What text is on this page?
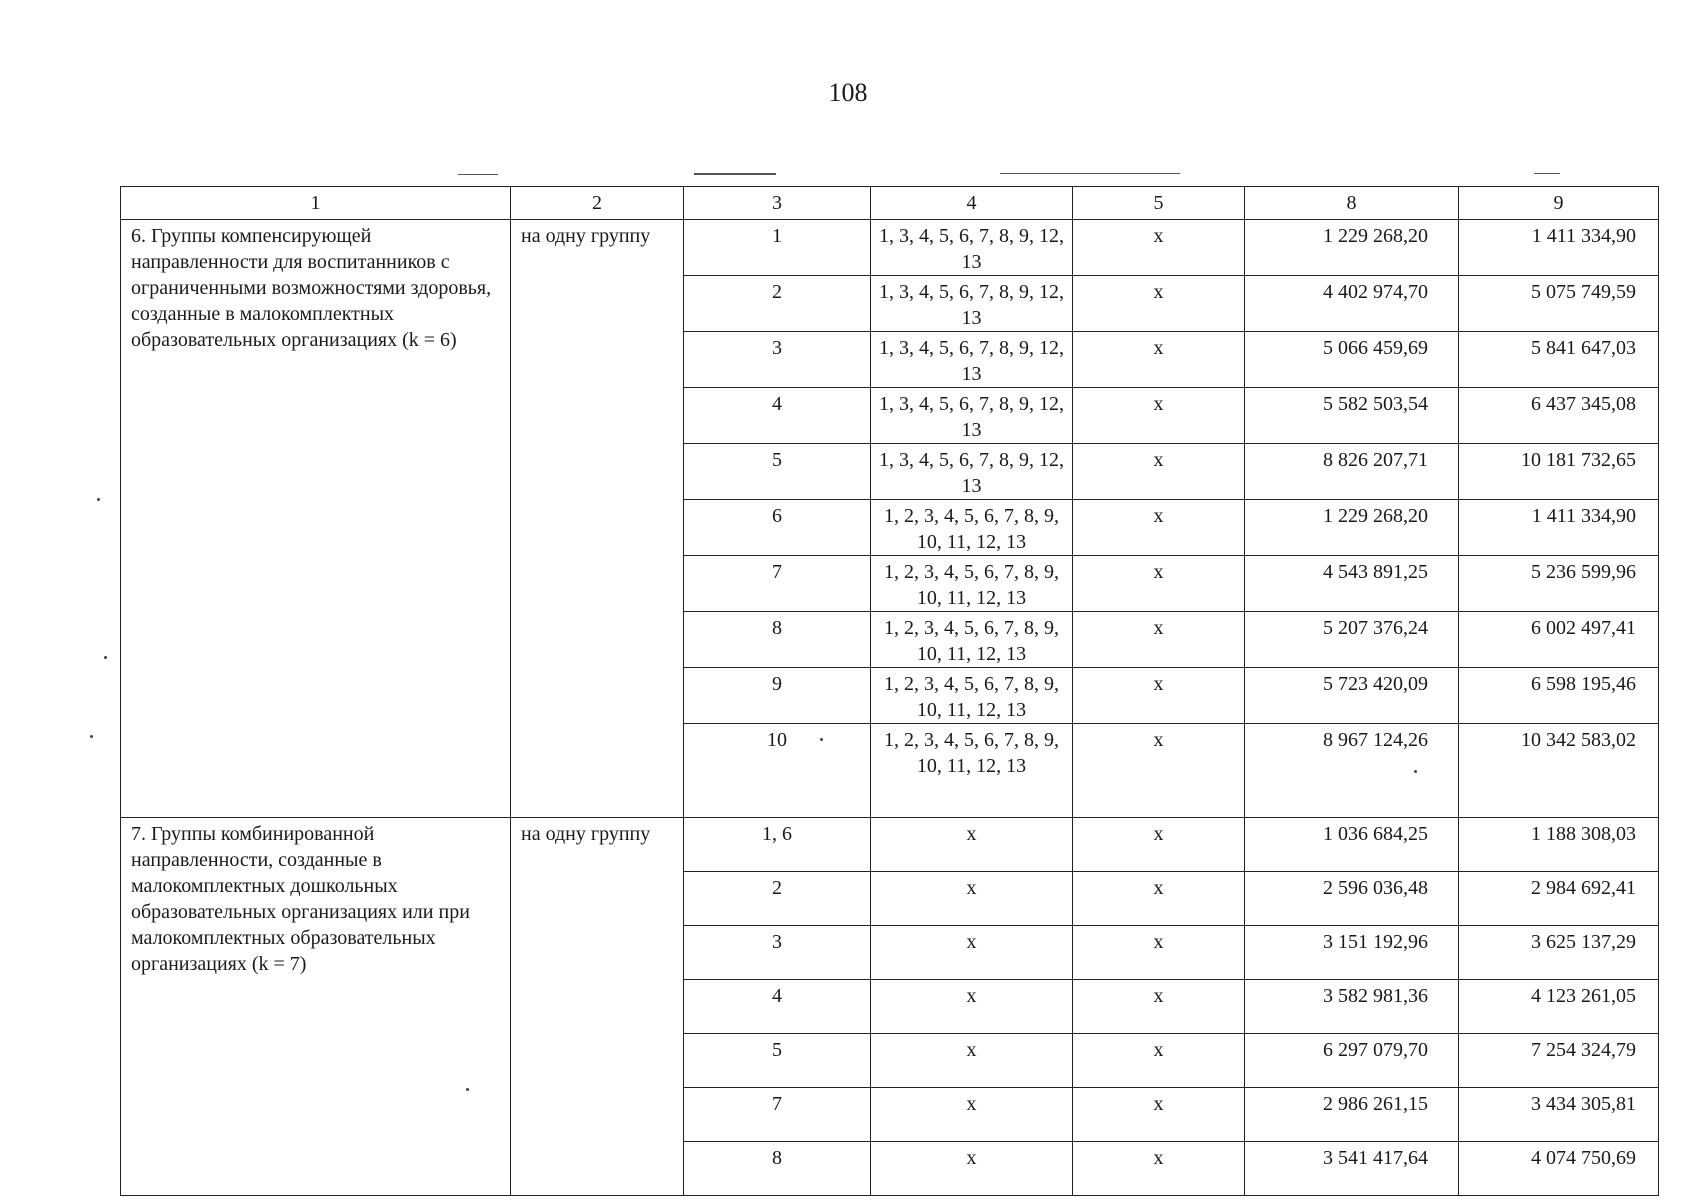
108
1	2	3	4	5	8	9
6. Группы компенсирующей направленности для воспитанников с ограниченными возможностями здоровья, созданные в малокомплектных образовательных организациях (k = 6)	на одну группу	1	1, 3, 4, 5, 6, 7, 8, 9, 12, 13	x	1 229 268,20	1 411 334,90
		2	1, 3, 4, 5, 6, 7, 8, 9, 12, 13	x	4 402 974,70	5 075 749,59
		3	1, 3, 4, 5, 6, 7, 8, 9, 12, 13	x	5 066 459,69	5 841 647,03
		4	1, 3, 4, 5, 6, 7, 8, 9, 12, 13	x	5 582 503,54	6 437 345,08
		5	1, 3, 4, 5, 6, 7, 8, 9, 12, 13	x	8 826 207,71	10 181 732,65
		6	1, 2, 3, 4, 5, 6, 7, 8, 9, 10, 11, 12, 13	x	1 229 268,20	1 411 334,90
		7	1, 2, 3, 4, 5, 6, 7, 8, 9, 10, 11, 12, 13	x	4 543 891,25	5 236 599,96
		8	1, 2, 3, 4, 5, 6, 7, 8, 9, 10, 11, 12, 13	x	5 207 376,24	6 002 497,41
		9	1, 2, 3, 4, 5, 6, 7, 8, 9, 10, 11, 12, 13	x	5 723 420,09	6 598 195,46
		10	1, 2, 3, 4, 5, 6, 7, 8, 9, 10, 11, 12, 13	x	8 967 124,26	10 342 583,02
7. Группы комбинированной направленности, созданные в малокомплектных дошкольных образовательных организациях или при малокомплектных образовательных организациях (k = 7)	на одну группу	1, 6	x	x	1 036 684,25	1 188 308,03
		2	x	x	2 596 036,48	2 984 692,41
		3	x	x	3 151 192,96	3 625 137,29
		4	x	x	3 582 981,36	4 123 261,05
		5	x	x	6 297 079,70	7 254 324,79
		7	x	x	2 986 261,15	3 434 305,81
		8	x	x	3 541 417,64	4 074 750,69
